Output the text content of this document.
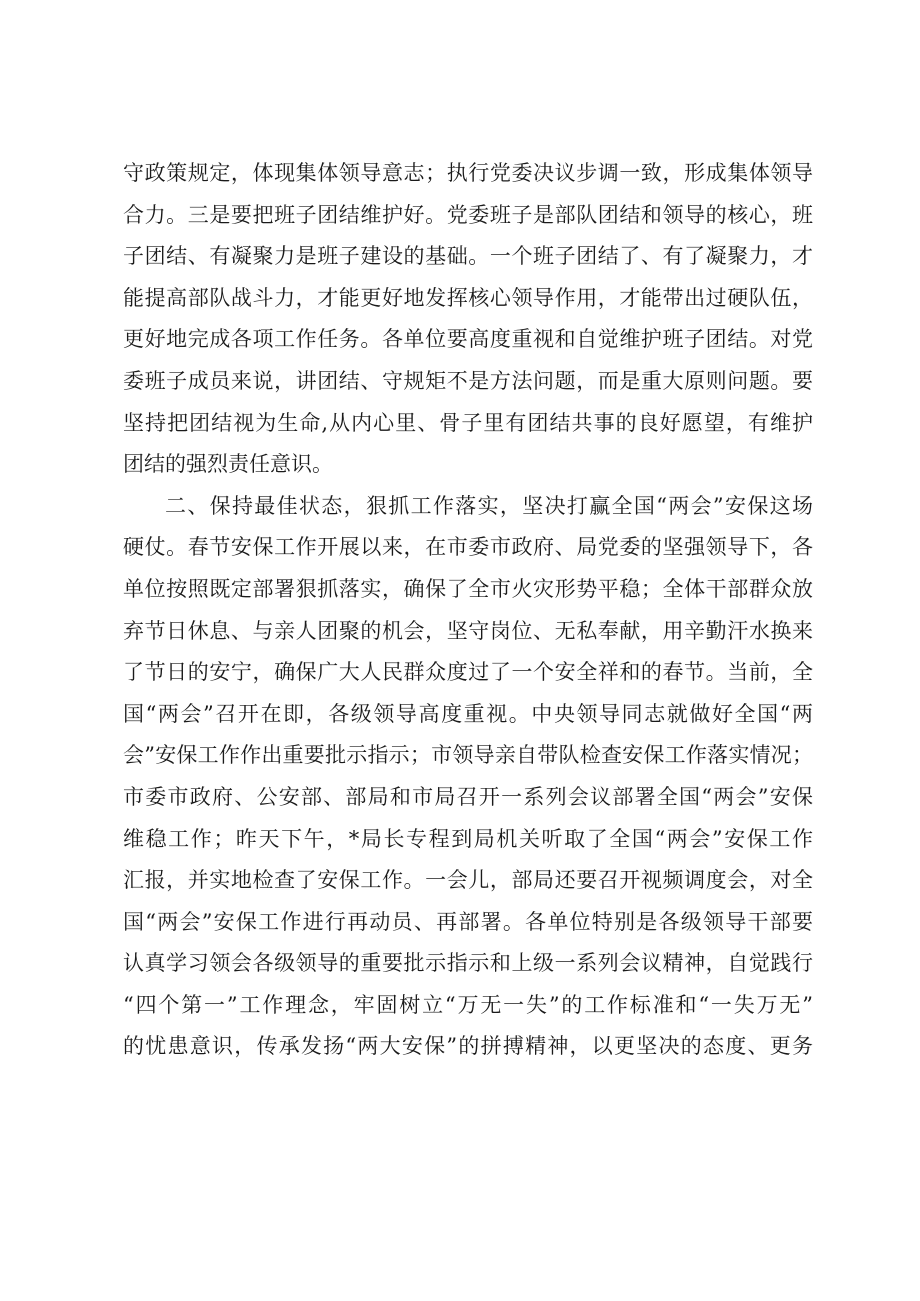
守政策规定，体现集体领导意志；执行党委决议步调一致，形成集体领导
合力。三是要把班子团结维护好。党委班子是部队团结和领导的核心，班
子团结、有凝聚力是班子建设的基础。一个班子团结了、有了凝聚力，才
能提高部队战斗力，才能更好地发挥核心领导作用，才能带出过硬队伍，
更好地完成各项工作任务。各单位要高度重视和自觉维护班子团结。对党
委班子成员来说，讲团结、守规矩不是方法问题，而是重大原则问题。要
坚持把团结视为生命,从内心里、骨子里有团结共事的良好愿望，有维护
团结的强烈责任意识。
二、保持最佳状态，狠抓工作落实，坚决打赢全国“两会”安保这场
硬仗。春节安保工作开展以来，在市委市政府、局党委的坚强领导下，各
单位按照既定部署狠抓落实，确保了全市火灾形势平稳；全体干部群众放
弃节日休息、与亲人团聚的机会，坚守岗位、无私奉献，用辛勤汗水换来
了节日的安宁，确保广大人民群众度过了一个安全祥和的春节。当前，全
国“两会”召开在即，各级领导高度重视。中央领导同志就做好全国“两
会”安保工作作出重要批示指示；市领导亲自带队检查安保工作落实情况；
市委市政府、公安部、部局和市局召开一系列会议部署全国“两会”安保
维稳工作；昨天下午，*局长专程到局机关听取了全国“两会”安保工作
汇报，并实地检查了安保工作。一会儿，部局还要召开视频调度会，对全
国“两会”安保工作进行再动员、再部署。各单位特别是各级领导干部要
认真学习领会各级领导的重要批示指示和上级一系列会议精神，自觉践行
“四个第一”工作理念，牢固树立“万无一失”的工作标准和“一失万无”
的忧患意识，传承发扬“两大安保”的拼搏精神，以更坚决的态度、更务
